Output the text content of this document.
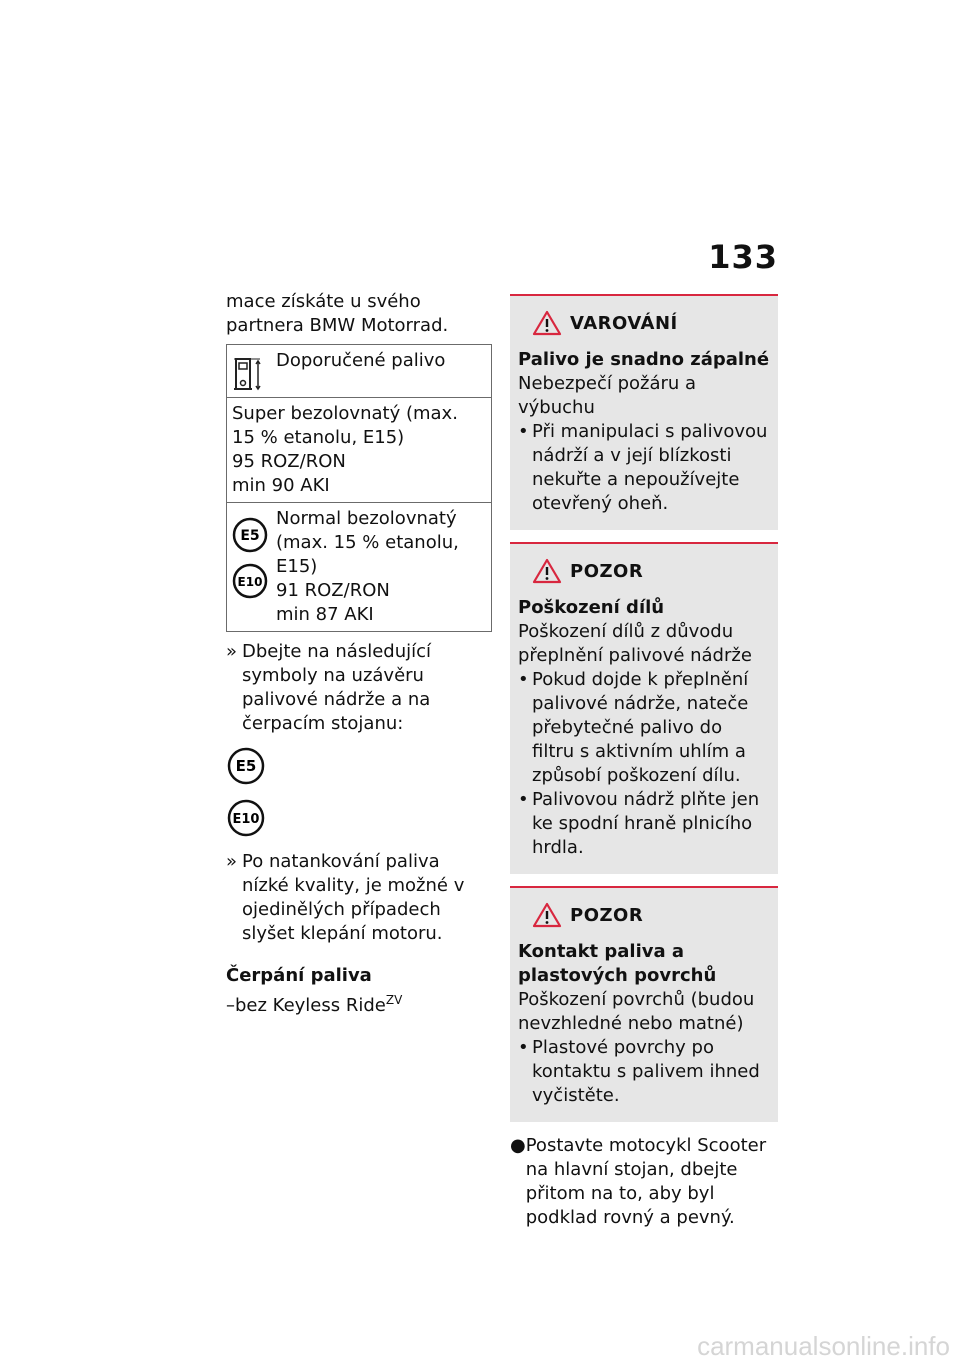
133

mace získáte u svého partnera BMW Motorrad.

Doporučené palivo

Super bezolovnatý (max.
15 % etanolu, E15)
95 ROZ/RON
min 90 AKI

E5
E10
Normal bezolovnatý
(max. 15 % etanolu,
E15)
91 ROZ/RON
min 87 AKI
» Dbejte na následující symboly na uzávěru palivové nádrže a na čerpacím stojanu:
E5
E10
» Po natankování paliva nízké kvality, je možné v ojedinělých případech slyšet klepání motoru.
Čerpání paliva
–bez Keyless Ride$^{ZV}$
VAROVÁNÍ
Palivo je snadno zápalné
Nebezpečí požáru a výbuchu
• Při manipulaci s palivovou nádrží a v její blízkosti nekuřte a nepoužívejte otevřený oheň.
POZOR
Poškození dílů
Poškození dílů z důvodu přeplnění palivové nádrže
• Pokud dojde k přeplnění palivové nádrže, nateče přebytečné palivo do filtru s aktivním uhlím a způsobí poškození dílu.
• Palivovou nádrž plňte jen ke spodní hraně plnicího hrdla.
POZOR
Kontakt paliva a plastových povrchů
Poškození povrchů (budou nevzhledné nebo matné)
• Plastové povrchy po kontaktu s palivem ihned vyčistěte.
● Postavte motocykl Scooter na hlavní stojan, dbejte přitom na to, aby byl podklad rovný a pevný.
carmanualsonline.info
